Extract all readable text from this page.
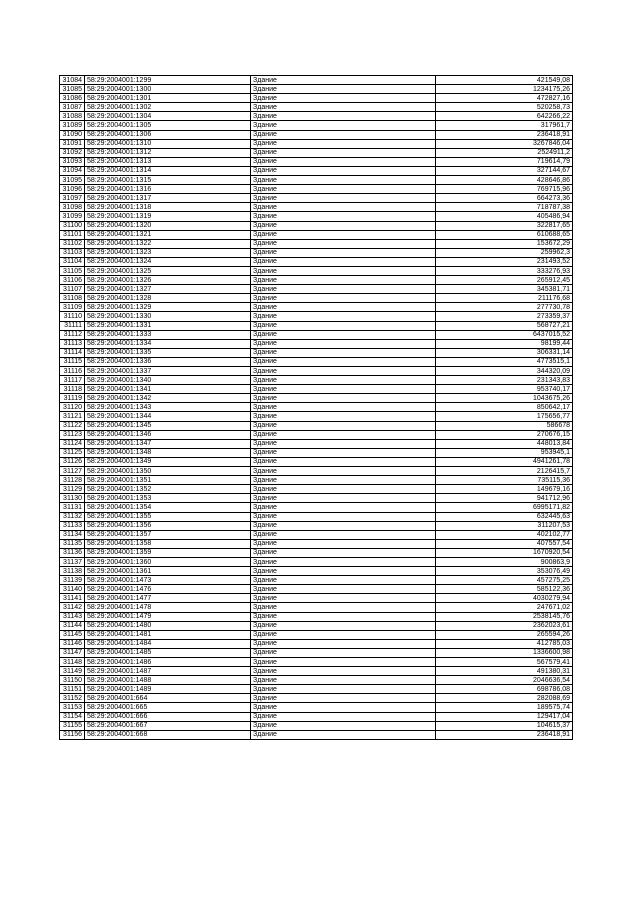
31084	58:29:2004001:1299	Здание	421549,08
31085	58:29:2004001:1300	Здание	1234175,26
31086	58:29:2004001:1301	Здание	472827,16
31087	58:29:2004001:1302	Здание	520258,73
31088	58:29:2004001:1304	Здание	642266,22
31089	58:29:2004001:1305	Здание	317961,7
31090	58:29:2004001:1306	Здание	236418,91
31091	58:29:2004001:1310	Здание	3267846,04
31092	58:29:2004001:1312	Здание	2524911,2
31093	58:29:2004001:1313	Здание	719614,79
31094	58:29:2004001:1314	Здание	327144,67
31095	58:29:2004001:1315	Здание	428646,86
31096	58:29:2004001:1316	Здание	769715,96
31097	58:29:2004001:1317	Здание	664273,36
31098	58:29:2004001:1318	Здание	718787,38
31099	58:29:2004001:1319	Здание	405486,94
31100	58:29:2004001:1320	Здание	322817,65
31101	58:29:2004001:1321	Здание	610688,65
31102	58:29:2004001:1322	Здание	153672,29
31103	58:29:2004001:1323	Здание	259962,3
31104	58:29:2004001:1324	Здание	231493,52
31105	58:29:2004001:1325	Здание	333276,93
31106	58:29:2004001:1326	Здание	265912,45
31107	58:29:2004001:1327	Здание	345381,71
31108	58:29:2004001:1328	Здание	211176,68
31109	58:29:2004001:1329	Здание	277730,78
31110	58:29:2004001:1330	Здание	273359,37
31111	58:29:2004001:1331	Здание	568727,21
31112	58:29:2004001:1333	Здание	6437015,52
31113	58:29:2004001:1334	Здание	98199,44
31114	58:29:2004001:1335	Здание	306331,14
31115	58:29:2004001:1336	Здание	4773515,1
31116	58:29:2004001:1337	Здание	344320,09
31117	58:29:2004001:1340	Здание	231343,83
31118	58:29:2004001:1341	Здание	953740,17
31119	58:29:2004001:1342	Здание	1043675,26
31120	58:29:2004001:1343	Здание	850642,17
31121	58:29:2004001:1344	Здание	175656,77
31122	58:29:2004001:1345	Здание	586678
31123	58:29:2004001:1346	Здание	270676,15
31124	58:29:2004001:1347	Здание	448013,84
31125	58:29:2004001:1348	Здание	953945,1
31126	58:29:2004001:1349	Здание	4941261,78
31127	58:29:2004001:1350	Здание	2126415,7
31128	58:29:2004001:1351	Здание	735115,36
31129	58:29:2004001:1352	Здание	149679,16
31130	58:29:2004001:1353	Здание	941712,96
31131	58:29:2004001:1354	Здание	6995171,82
31132	58:29:2004001:1355	Здание	632445,63
31133	58:29:2004001:1356	Здание	311207,53
31134	58:29:2004001:1357	Здание	402102,77
31135	58:29:2004001:1358	Здание	407557,54
31136	58:29:2004001:1359	Здание	1670920,54
31137	58:29:2004001:1360	Здание	900863,9
31138	58:29:2004001:1361	Здание	353076,49
31139	58:29:2004001:1473	Здание	457275,25
31140	58:29:2004001:1476	Здание	585122,36
31141	58:29:2004001:1477	Здание	4030279,94
31142	58:29:2004001:1478	Здание	247671,02
31143	58:29:2004001:1479	Здание	2538145,76
31144	58:29:2004001:1480	Здание	2362023,61
31145	58:29:2004001:1481	Здание	265594,26
31146	58:29:2004001:1484	Здание	412785,03
31147	58:29:2004001:1485	Здание	1336600,98
31148	58:29:2004001:1486	Здание	567579,41
31149	58:29:2004001:1487	Здание	491380,31
31150	58:29:2004001:1488	Здание	2046636,54
31151	58:29:2004001:1489	Здание	698786,08
31152	58:29:2004001:664	Здание	282088,69
31153	58:29:2004001:665	Здание	189575,74
31154	58:29:2004001:666	Здание	129417,04
31155	58:29:2004001:667	Здание	104615,37
31156	58:29:2004001:668	Здание	236418,91
